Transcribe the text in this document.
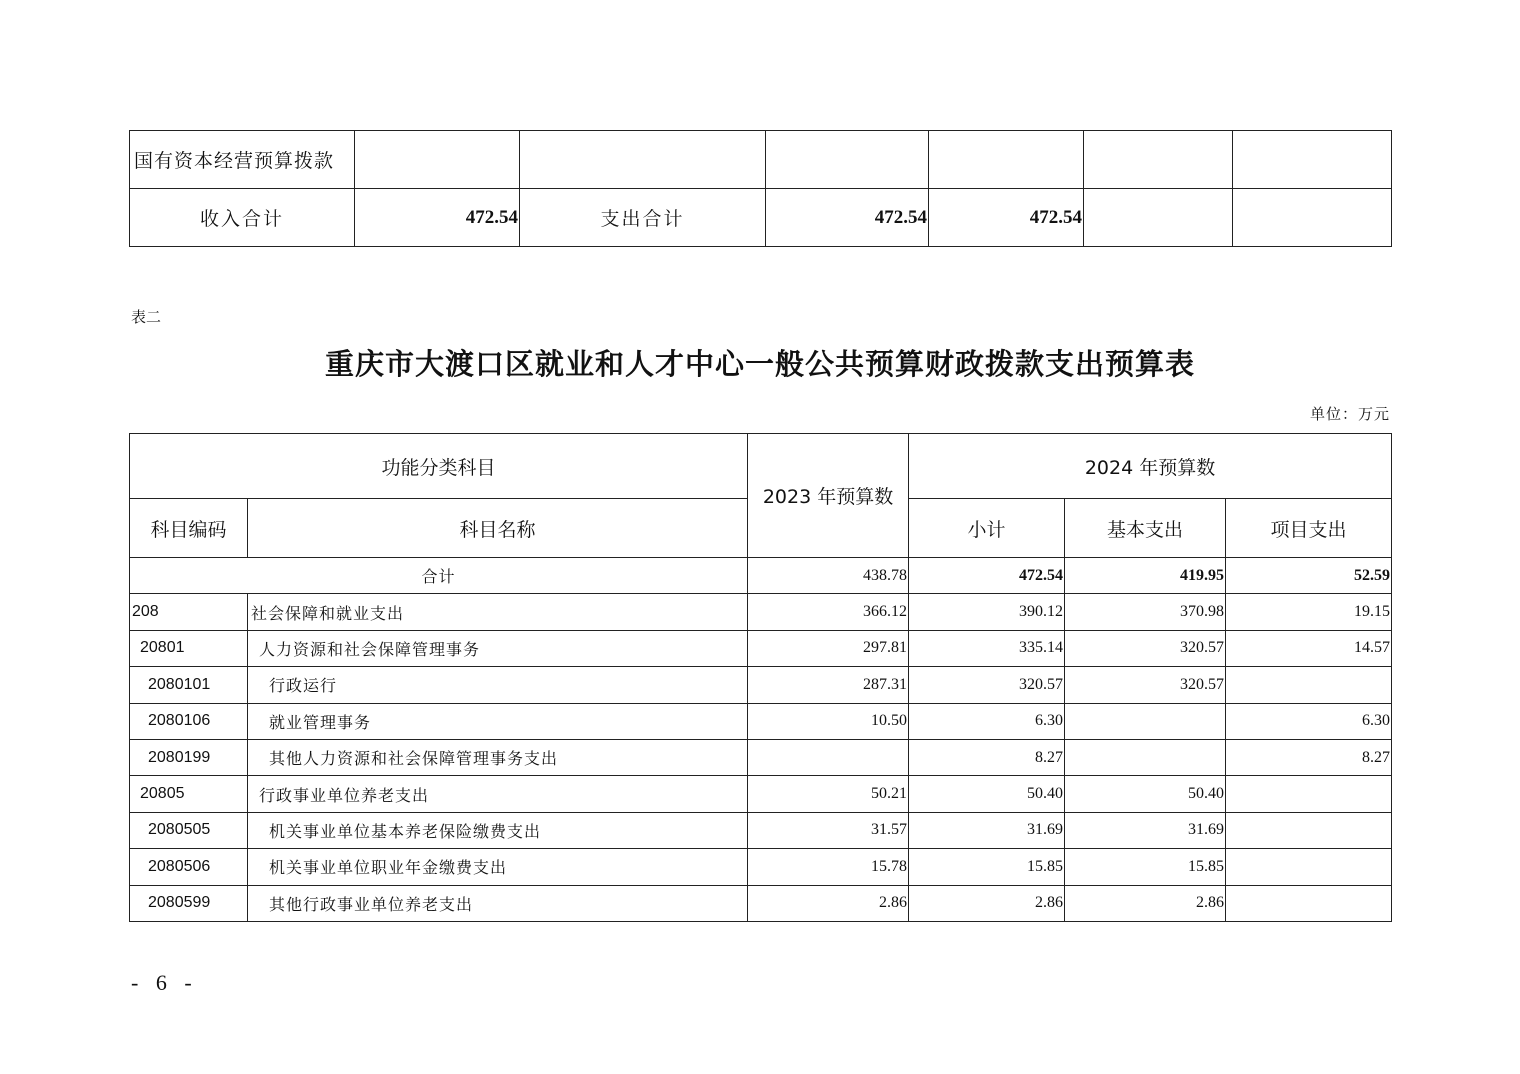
国有资本经营预算拨款						
收入合计	472.54	支出合计	472.54	472.54		
表二
重庆市大渡口区就业和人才中心一般公共预算财政拨款支出预算表
单位：万元
功能分类科目		2023 年预算数	2024 年预算数		
科目编码	科目名称		小计	基本支出	项目支出
合计		438.78	472.54	419.95	52.59
208	社会保障和就业支出	366.12	390.12	370.98	19.15
20801	人力资源和社会保障管理事务	297.81	335.14	320.57	14.57
2080101	行政运行	287.31	320.57	320.57	
2080106	就业管理事务	10.50	6.30		6.30
2080199	其他人力资源和社会保障管理事务支出		8.27		8.27
20805	行政事业单位养老支出	50.21	50.40	50.40	
2080505	机关事业单位基本养老保险缴费支出	31.57	31.69	31.69	
2080506	机关事业单位职业年金缴费支出	15.78	15.85	15.85	
2080599	其他行政事业单位养老支出	2.86	2.86	2.86	
- 6 -
